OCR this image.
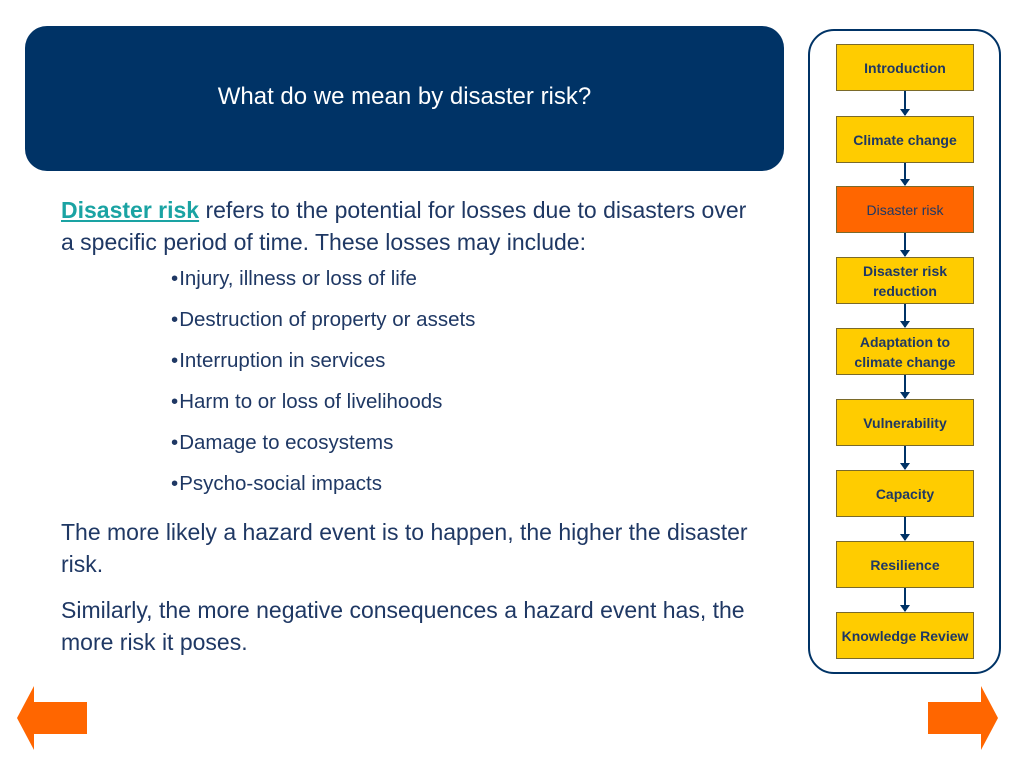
What do we mean by disaster risk?

Disaster risk refers to the potential for losses due to disasters over a specific period of time. These losses may include:

•Injury, illness or loss of life
•Destruction of property or assets
•Interruption in services
•Harm to or loss of livelihoods
•Damage to ecosystems
•Psycho-social impacts

The more likely a hazard event is to happen, the higher the disaster risk.

Similarly, the more negative consequences a hazard event has, the more risk it poses.

Introduction
Climate change
Disaster risk
Disaster risk reduction
Adaptation to climate change
Vulnerability
Capacity
Resilience
Knowledge Review
